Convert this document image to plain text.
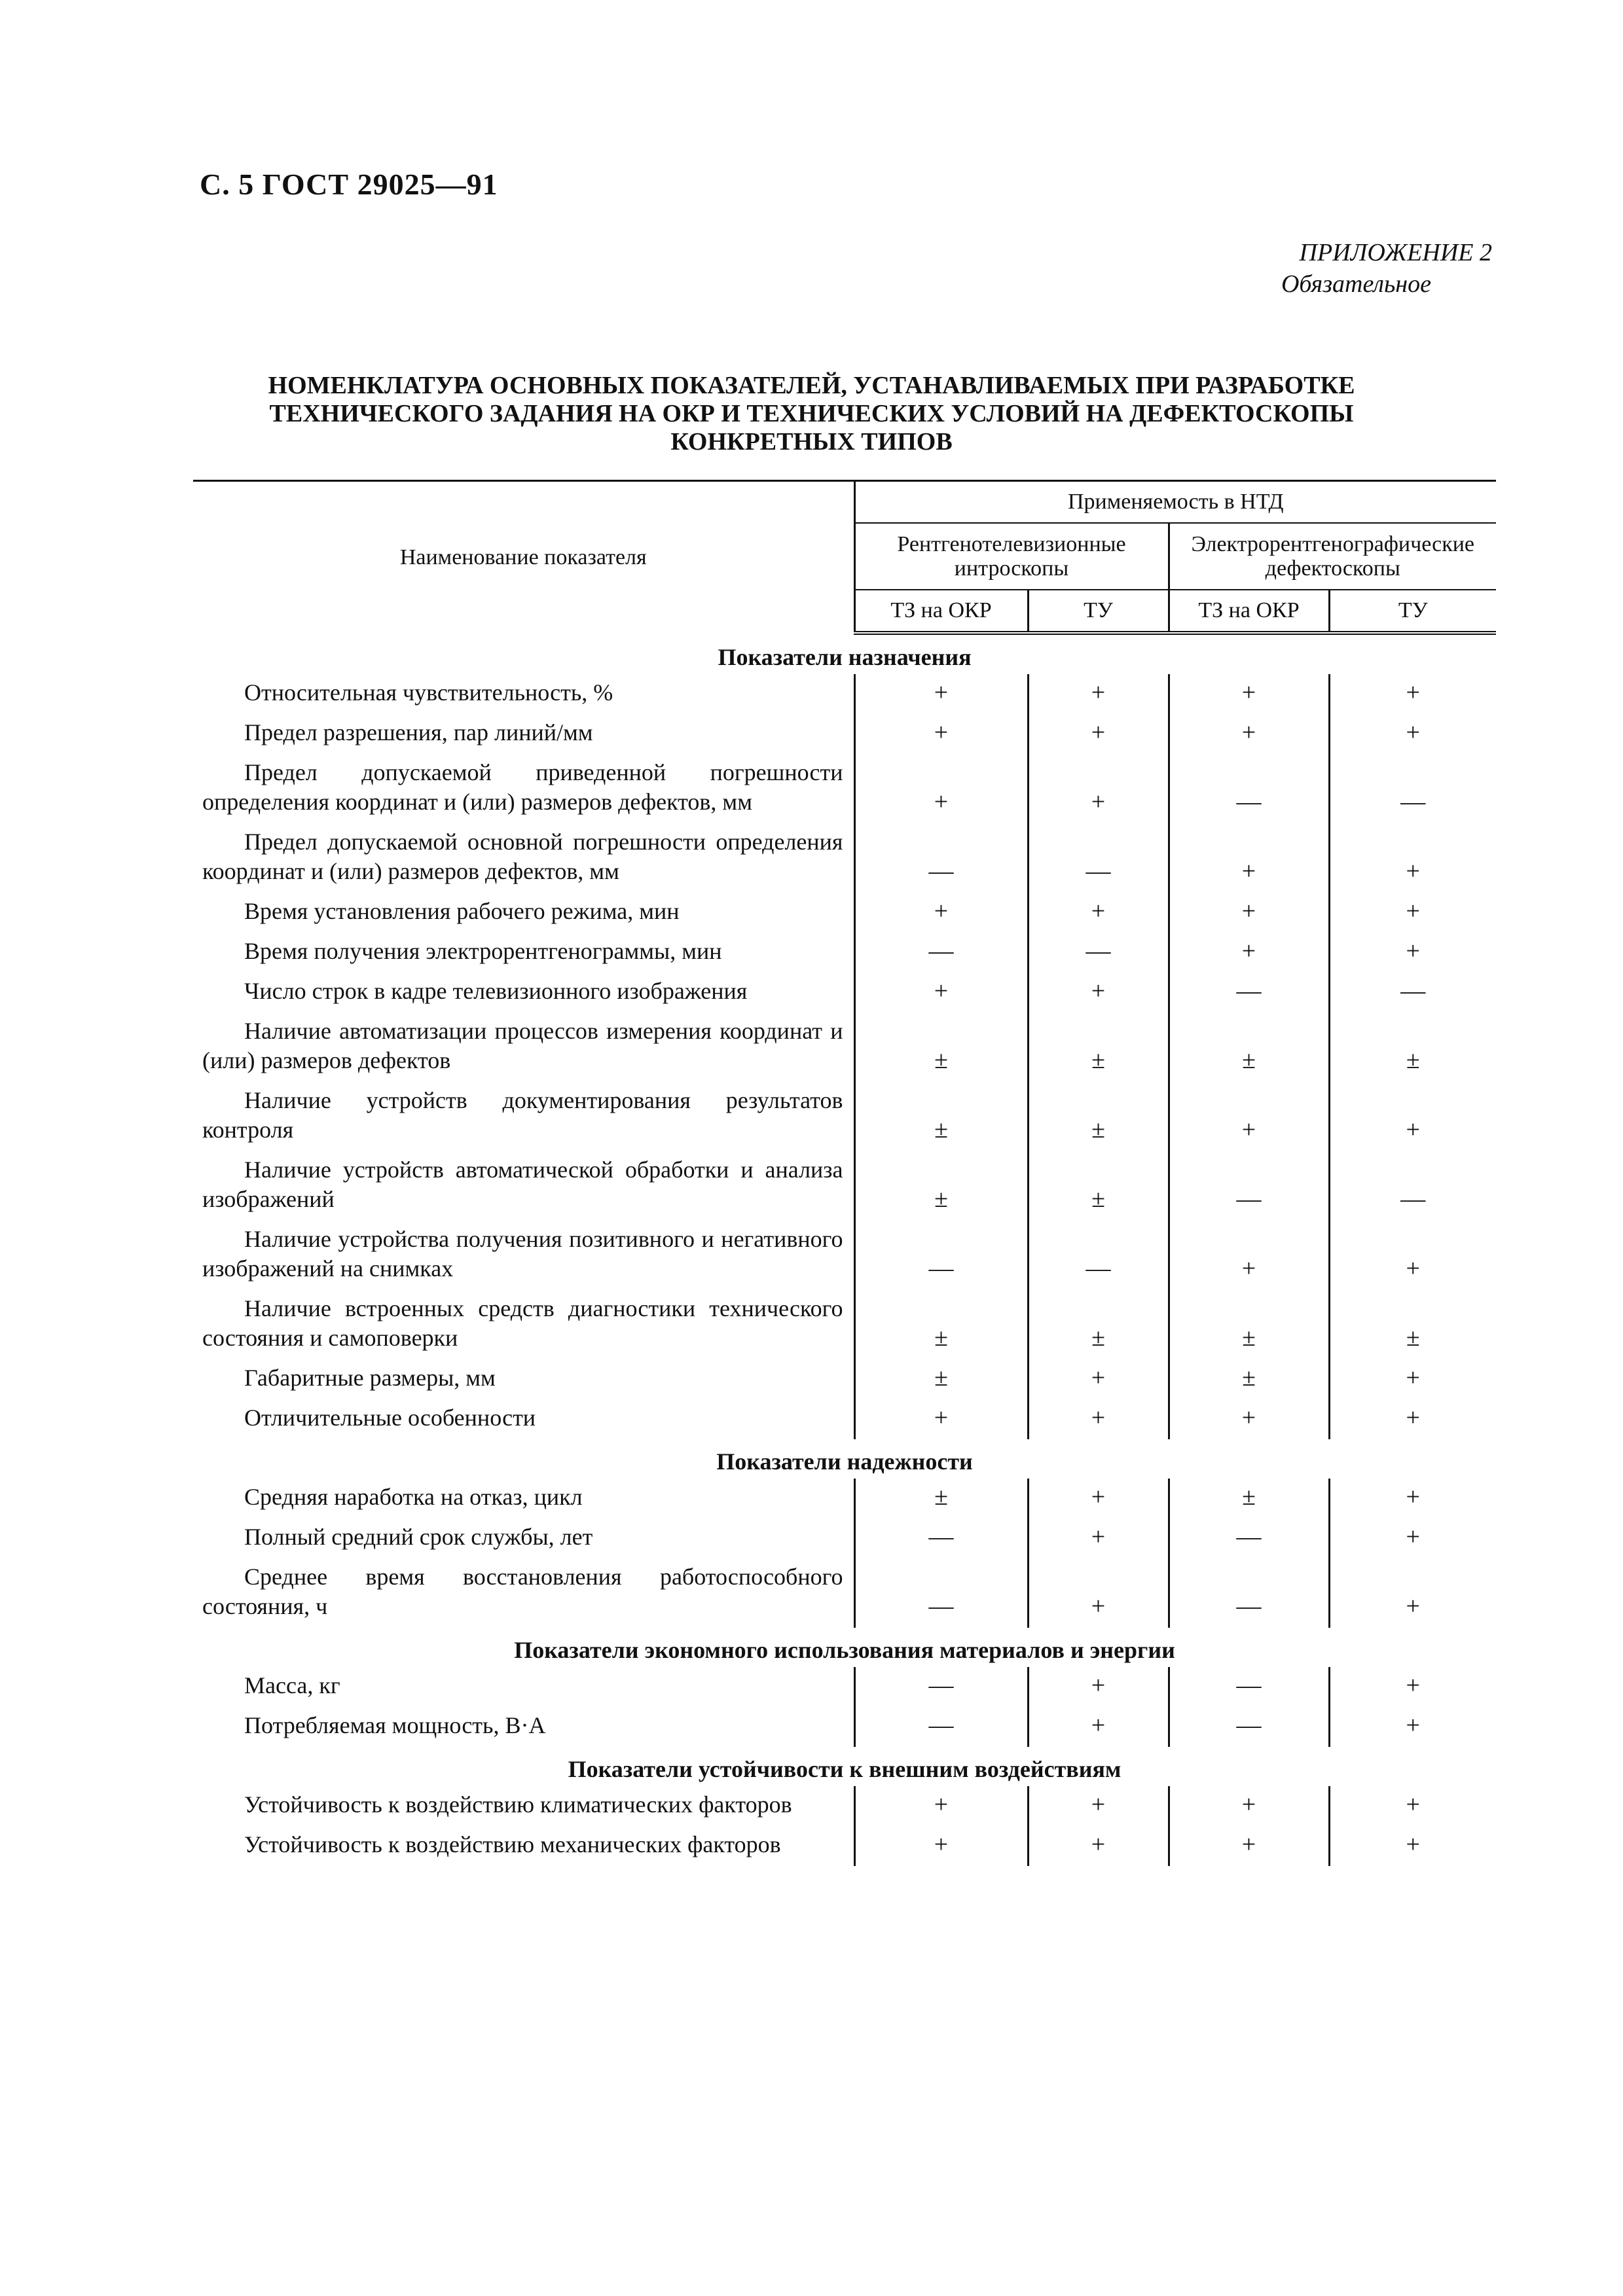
С. 5 ГОСТ 29025—91
ПРИЛОЖЕНИЕ 2
Обязательное
НОМЕНКЛАТУРА ОСНОВНЫХ ПОКАЗАТЕЛЕЙ, УСТАНАВЛИВАЕМЫХ ПРИ РАЗРАБОТКЕ
ТЕХНИЧЕСКОГО ЗАДАНИЯ НА ОКР И ТЕХНИЧЕСКИХ УСЛОВИЙ НА ДЕФЕКТОСКОПЫ
КОНКРЕТНЫХ ТИПОВ
Наименование показателя	Применяемость в НТД			
	Рентгенотелевизионные интроскопы		Электрорентгенографические дефектоскопы	
	ТЗ на ОКР	ТУ	ТЗ на ОКР	ТУ
Показатели назначения				
Относительная чувствительность, %	+	+	+	+
Предел разрешения, пар линий/мм	+	+	+	+
Предел допускаемой приведенной погрешности определения координат и (или) размеров дефектов, мм	+	+	—	—
Предел допускаемой основной погрешности определения координат и (или) размеров дефектов, мм	—	—	+	+
Время установления рабочего режима, мин	+	+	+	+
Время получения электрорентгенограммы, мин	—	—	+	+
Число строк в кадре телевизионного изображения	+	+	—	—
Наличие автоматизации процессов измерения координат и (или) размеров дефектов	±	±	±	±
Наличие устройств документирования результатов контроля	±	±	+	+
Наличие устройств автоматической обработки и анализа изображений	±	±	—	—
Наличие устройства получения позитивного и негативного изображений на снимках	—	—	+	+
Наличие встроенных средств диагностики технического состояния и самоповерки	±	±	±	±
Габаритные размеры, мм	±	+	±	+
Отличительные особенности	+	+	+	+
Показатели надежности				
Средняя наработка на отказ, цикл	±	+	±	+
Полный средний срок службы, лет	—	+	—	+
Среднее время восстановления работоспособного состояния, ч	—	+	—	+
Показатели экономного использования материалов и энергии				
Масса, кг	—	+	—	+
Потребляемая мощность, В·А	—	+	—	+
Показатели устойчивости к внешним воздействиям				
Устойчивость к воздействию климатических факторов	+	+	+	+
Устойчивость к воздействию механических факторов	+	+	+	+
